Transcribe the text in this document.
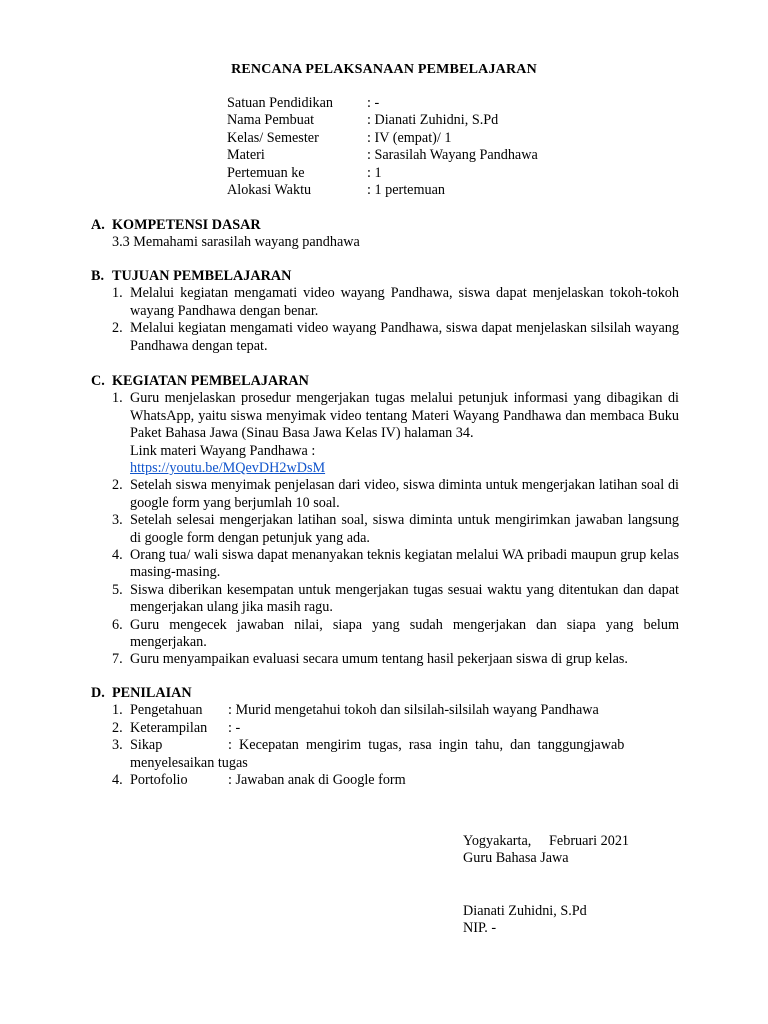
RENCANA PELAKSANAAN PEMBELAJARAN
Satuan Pendidikan	: -
Nama Pembuat	: Dianati Zuhidni, S.Pd
Kelas/ Semester	: IV (empat)/ 1
Materi	: Sarasilah Wayang Pandhawa
Pertemuan ke	: 1
Alokasi Waktu	: 1 pertemuan
A. KOMPETENSI DASAR
3.3 Memahami sarasilah wayang pandhawa
B. TUJUAN PEMBELAJARAN
1. Melalui kegiatan mengamati video wayang Pandhawa, siswa dapat menjelaskan tokoh-tokoh wayang Pandhawa dengan benar.
2. Melalui kegiatan mengamati video wayang Pandhawa, siswa dapat menjelaskan silsilah wayang Pandhawa dengan tepat.
C. KEGIATAN PEMBELAJARAN
1. Guru menjelaskan prosedur mengerjakan tugas melalui petunjuk informasi yang dibagikan di WhatsApp, yaitu siswa menyimak video tentang Materi Wayang Pandhawa dan membaca Buku Paket Bahasa Jawa (Sinau Basa Jawa Kelas IV) halaman 34.
Link materi Wayang Pandhawa :
https://youtu.be/MQevDH2wDsM
2. Setelah siswa menyimak penjelasan dari video, siswa diminta untuk mengerjakan latihan soal di google form yang berjumlah 10 soal.
3. Setelah selesai mengerjakan latihan soal, siswa diminta untuk mengirimkan jawaban langsung di google form dengan petunjuk yang ada.
4. Orang tua/ wali siswa dapat menanyakan teknis kegiatan melalui WA pribadi maupun grup kelas masing-masing.
5. Siswa diberikan kesempatan untuk mengerjakan tugas sesuai waktu yang ditentukan dan dapat mengerjakan ulang jika masih ragu.
6. Guru mengecek jawaban nilai, siapa yang sudah mengerjakan dan siapa yang belum mengerjakan.
7. Guru menyampaikan evaluasi secara umum tentang hasil pekerjaan siswa di grup kelas.
D. PENILAIAN
1. Pengetahuan	: Murid mengetahui tokoh dan silsilah-silsilah wayang Pandhawa
2. Keterampilan	: -
3. Sikap	:  Kecepatan  mengirim  tugas,  rasa  ingin  tahu,  dan  tanggungjawab
menyelesaikan tugas
4. Portofolio	: Jawaban anak di Google form
Yogyakarta,     Februari 2021
Guru Bahasa Jawa
Dianati Zuhidni, S.Pd
NIP. -
